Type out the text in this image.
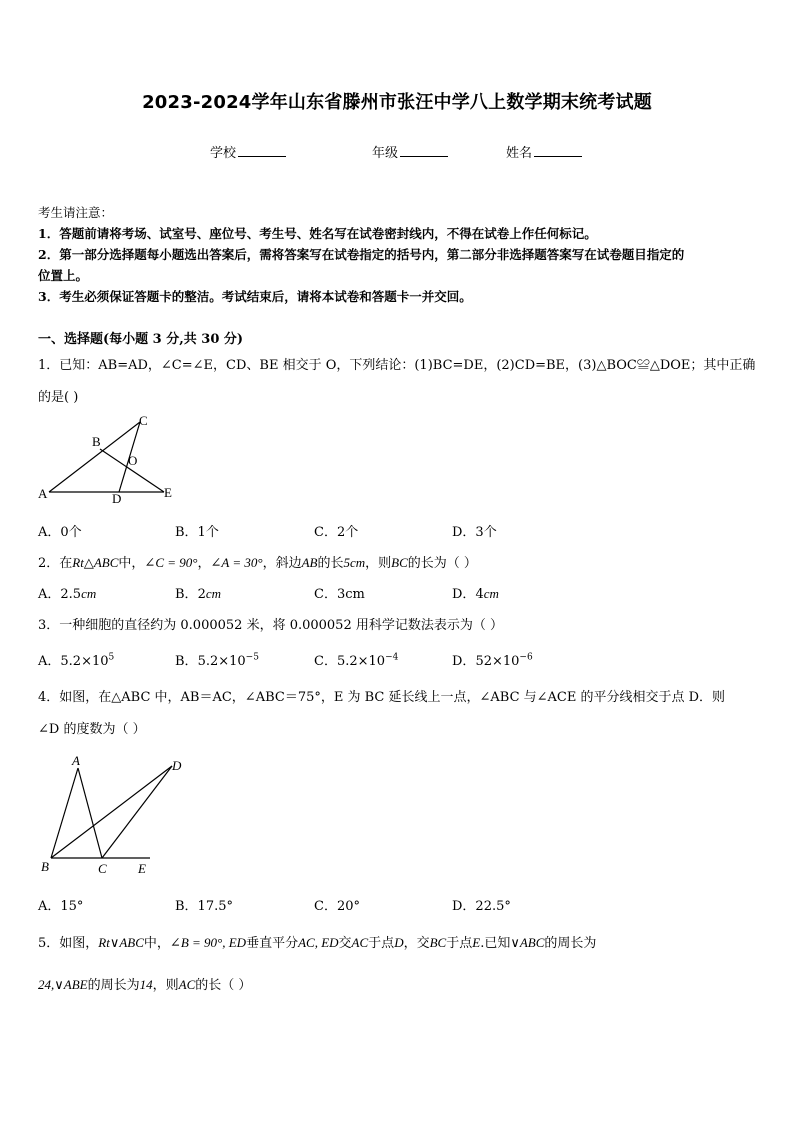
2023-2024学年山东省滕州市张汪中学八上数学期末统考试题
学校	年级	姓名
考生请注意：
1．答题前请将考场、试室号、座位号、考生号、姓名写在试卷密封线内，不得在试卷上作任何标记。
2．第一部分选择题每小题选出答案后，需将答案写在试卷指定的括号内，第二部分非选择题答案写在试卷题目指定的
位置上。
3．考生必须保证答题卡的整洁。考试结束后，请将本试卷和答题卡一并交回。
一、选择题(每小题 3 分,共 30 分)
1．已知：AB=AD，∠C=∠E，CD、BE 相交于 O，下列结论：(1)BC=DE，(2)CD=BE，(3)△BOC≌△DOE；其中正确
的是( )
A
B
C
O
D	E
A．0个	B．1个	C．2个	D．3个
2．在Rt△ABC中，∠C = 90°，∠A = 30°，斜边AB的长5cm，则BC的长为（ ）
A．2.5cm	B．2cm	C．3cm	D．4cm
3．一种细胞的直径约为 0.000052 米，将 0.000052 用科学记数法表示为（ ）
A．$5.2\times 10^5$	B．$5.2\times 10^{-5}$	C．$5.2\times 10^{-4}$	D．$52\times 10^{-6}$
4．如图，在△ABC 中，AB＝AC，∠ABC＝75°，E 为 BC 延长线上一点，∠ABC 与∠ACE 的平分线相交于点 D．则
∠D 的度数为（ ）
A
B	C
D
E
A．15°	B．17.5°	C．20°	D．22.5°
5．如图，Rt∨ABC中，∠B = 90°, ED垂直平分AC, ED交AC于点D，交BC于点E.已知∨ABC的周长为
24,∨ABE的周长为14，则AC的长（ ）
